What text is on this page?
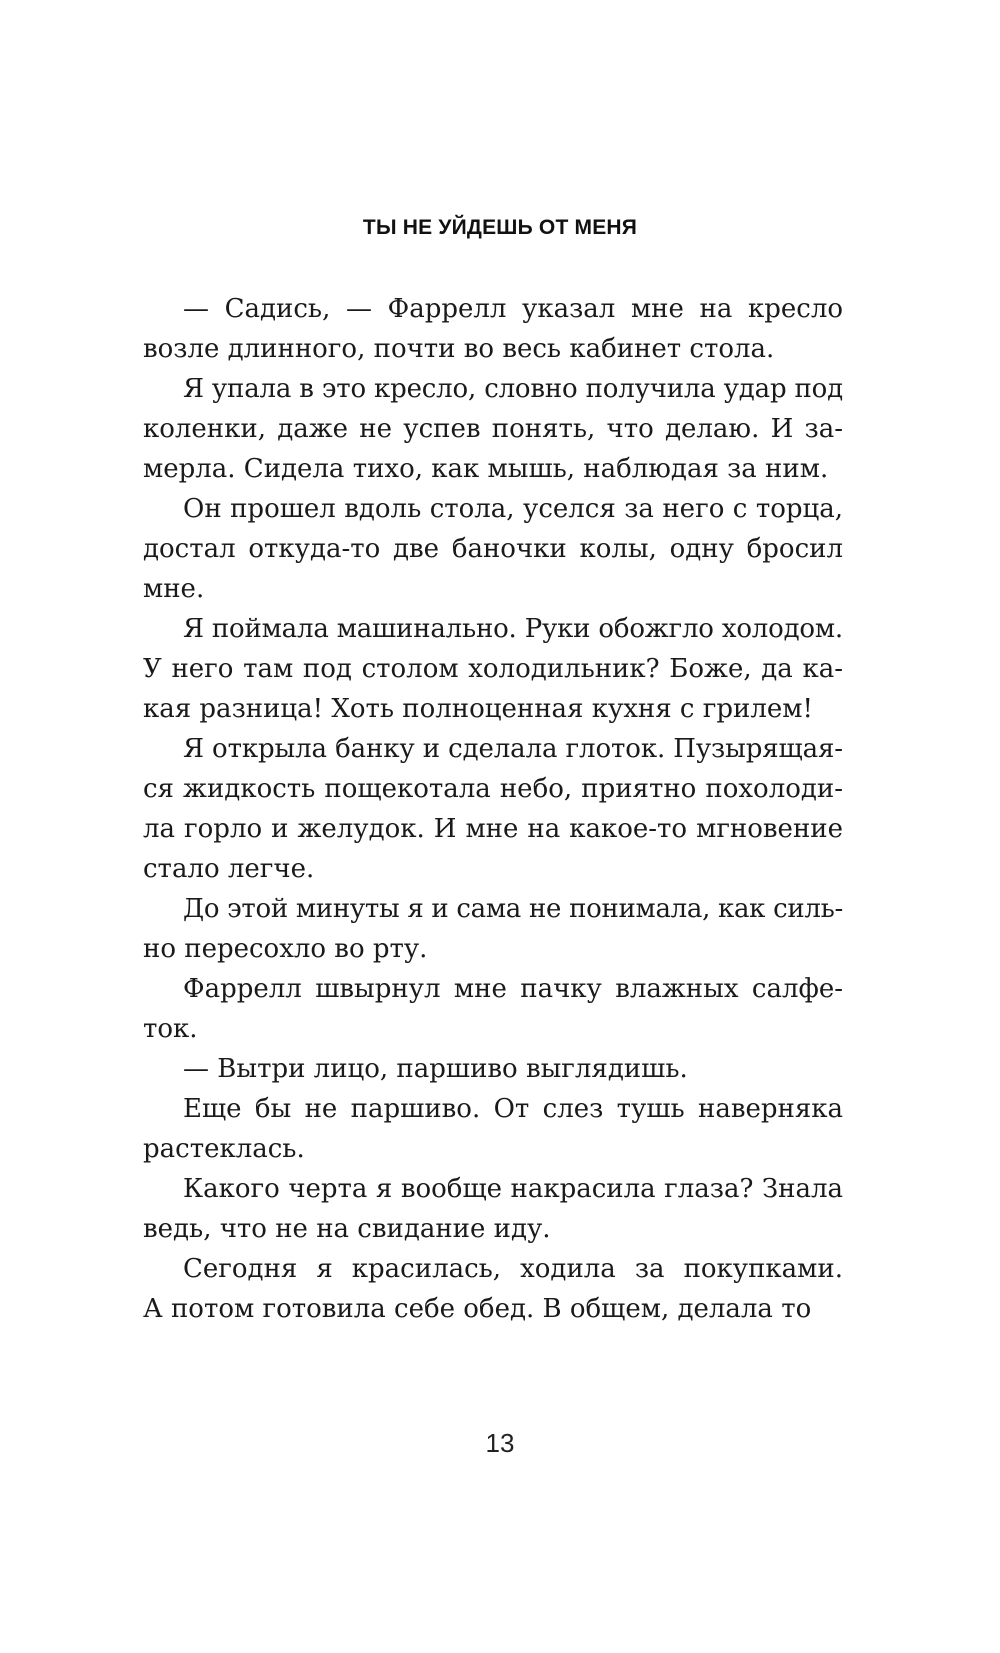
ТЫ НЕ УЙДЕШЬ ОТ МЕНЯ
— Садись, — Фаррелл указал мне на кресло
возле длинного, почти во весь кабинет стола.
Я упала в это кресло, словно получила удар под
коленки, даже не успев понять, что делаю. И за-
мерла. Сидела тихо, как мышь, наблюдая за ним.
Он прошел вдоль стола, уселся за него с торца,
достал откуда-то две баночки колы, одну бросил
мне.
Я поймала машинально. Руки обожгло холодом.
У него там под столом холодильник? Боже, да ка-
кая разница! Хоть полноценная кухня с грилем!
Я открыла банку и сделала глоток. Пузырящая-
ся жидкость пощекотала небо, приятно похолоди-
ла горло и желудок. И мне на какое-то мгновение
стало легче.
До этой минуты я и сама не понимала, как силь-
но пересохло во рту.
Фаррелл швырнул мне пачку влажных салфе-
ток.
— Вытри лицо, паршиво выглядишь.
Еще бы не паршиво. От слез тушь наверняка
растеклась.
Какого черта я вообще накрасила глаза? Знала
ведь, что не на свидание иду.
Сегодня я красилась, ходила за покупками.
А потом готовила себе обед. В общем, делала то
13
